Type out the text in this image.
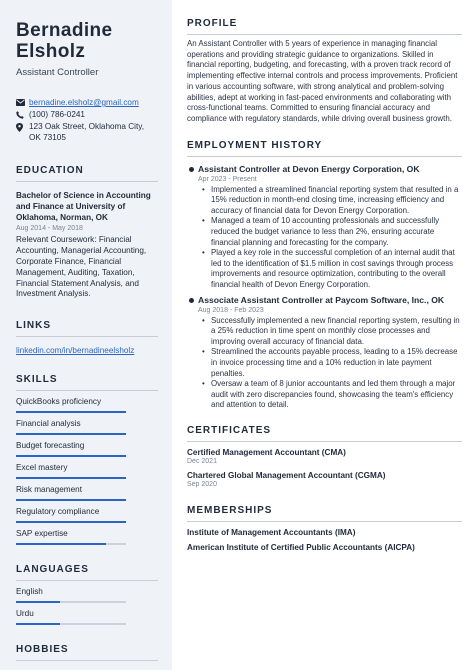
Bernadine
Elsholz
Assistant Controller
bernadine.elsholz@gmail.com
(100) 786-0241
123 Oak Street, Oklahoma City, OK 73105
EDUCATION
Bachelor of Science in Accounting and Finance at University of Oklahoma, Norman, OK
Aug 2014 - May 2018
Relevant Coursework: Financial Accounting, Managerial Accounting, Corporate Finance, Financial Management, Auditing, Taxation, Financial Statement Analysis, and Investment Analysis.
LINKS
linkedin.com/in/bernadineelsholz
SKILLS
QuickBooks proficiency
Financial analysis
Budget forecasting
Excel mastery
Risk management
Regulatory compliance
SAP expertise
LANGUAGES
English
Urdu
HOBBIES
PROFILE

An Assistant Controller with 5 years of experience in managing financial operations and providing strategic guidance to organizations. Skilled in financial reporting, budgeting, and forecasting, with a proven track record of implementing effective internal controls and process improvements. Proficient in various accounting software, with strong analytical and problem-solving abilities, adept at working in fast-paced environments and collaborating with cross-functional teams. Committed to ensuring financial accuracy and compliance with regulatory standards, while driving overall business growth.

EMPLOYMENT HISTORY
Assistant Controller at Devon Energy Corporation, OK
Apr 2023 - Present
• Implemented a streamlined financial reporting system that resulted in a 15% reduction in month-end closing time, increasing efficiency and accuracy of financial data for Devon Energy Corporation.
• Managed a team of 10 accounting professionals and successfully reduced the budget variance to less than 2%, ensuring accurate financial planning and forecasting for the company.
• Played a key role in the successful completion of an internal audit that led to the identification of $1.5 million in cost savings through process improvements and resource optimization, contributing to the overall financial health of Devon Energy Corporation.
Associate Assistant Controller at Paycom Software, Inc., OK
Aug 2018 - Feb 2023
• Successfully implemented a new financial reporting system, resulting in a 25% reduction in time spent on monthly close processes and improving overall accuracy of financial data.
• Streamlined the accounts payable process, leading to a 15% decrease in invoice processing time and a 10% reduction in late payment penalties.
• Oversaw a team of 8 junior accountants and led them through a major audit with zero discrepancies found, showcasing the team's efficiency and attention to detail.
CERTIFICATES
Certified Management Accountant (CMA)
Dec 2021
Chartered Global Management Accountant (CGMA)
Sep 2020
MEMBERSHIPS
Institute of Management Accountants (IMA)
American Institute of Certified Public Accountants (AICPA)
